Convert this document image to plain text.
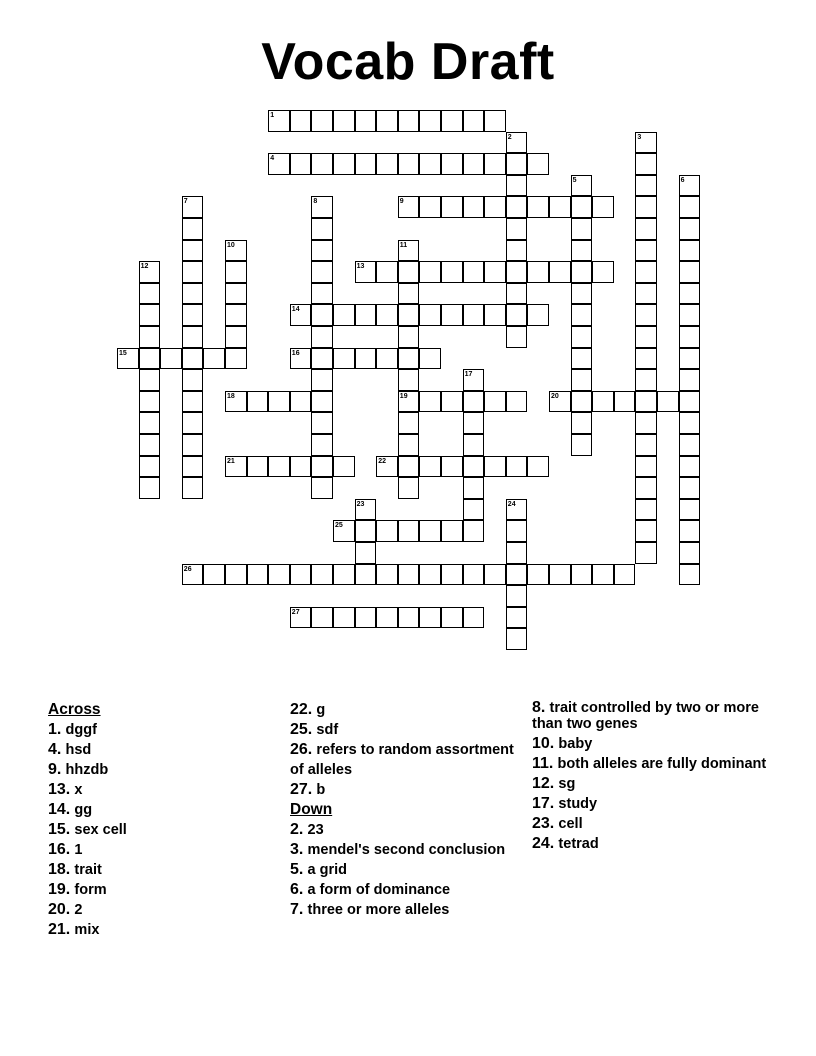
Vocab Draft
1
4
9
13
14
15	16
18	19	20
21	22
25
26
27
2	3
5	6
7	8
10	11
12
17
23	24
Across
1. dggf
4. hsd
9. hhzdb
13. x
14. gg
15. sex cell
16. 1
18. trait
19. form
20. 2
21. mix
22. g
25. sdf
26. refers to random assortment of alleles
27. b
Down
2. 23
3. mendel's second conclusion
5. a grid
6. a form of dominance
7. three or more alleles
8. trait controlled by two or more than two genes
10. baby
11. both alleles are fully dominant
12. sg
17. study
23. cell
24. tetrad
